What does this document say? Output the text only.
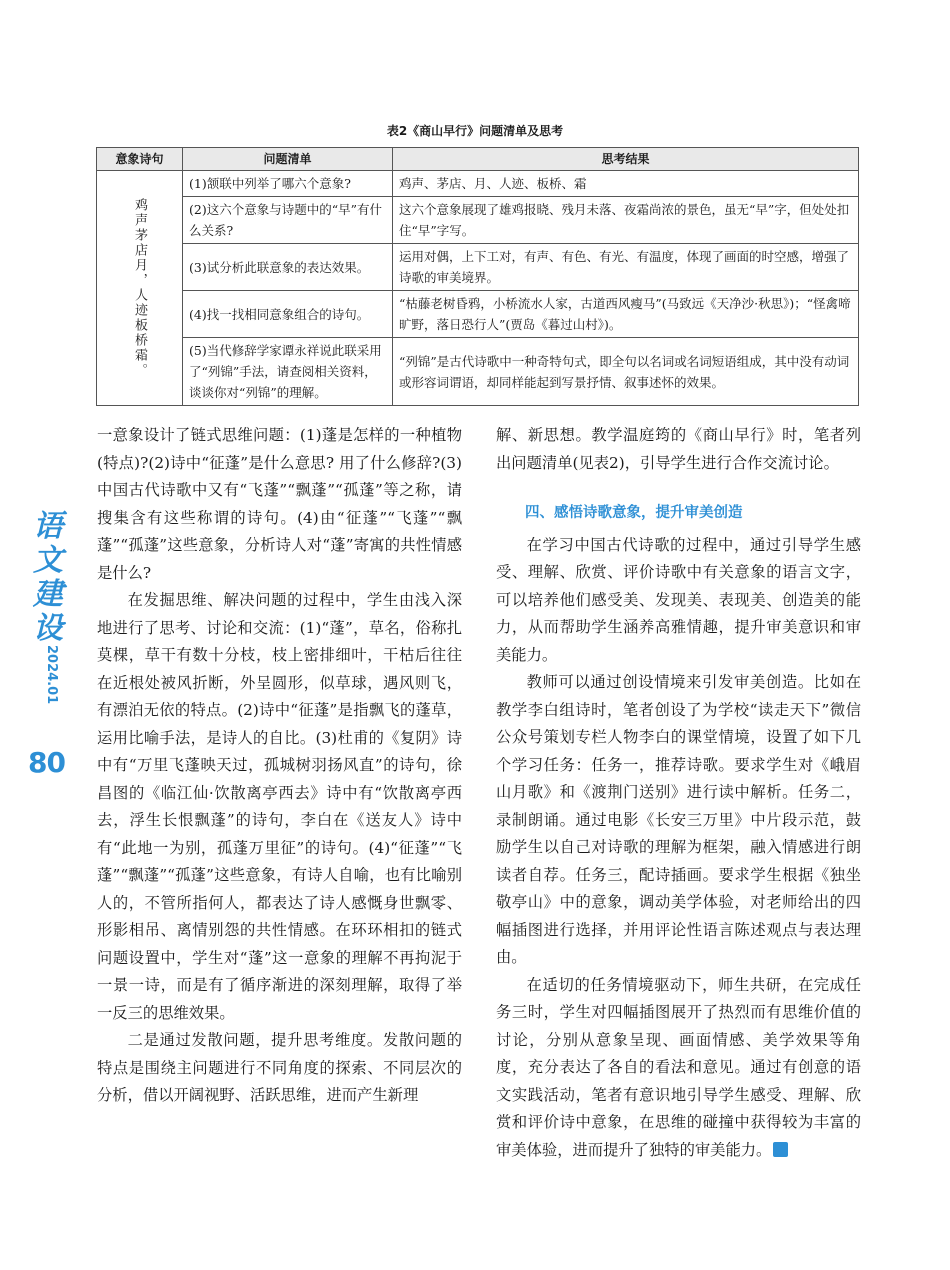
表2《商山早行》问题清单及思考
意象诗句	问题清单	思考结果
鸡声茅店月，人迹板桥霜。	(1)颔联中列举了哪六个意象?	鸡声、茅店、月、人迹、板桥、霜
	(2)这六个意象与诗题中的“早”有什么关系?	这六个意象展现了雄鸡报晓、残月未落、夜霜尚浓的景色，虽无“早”字，但处处扣住“早”字写。
	(3)试分析此联意象的表达效果。	运用对偶，上下工对，有声、有色、有光、有温度，体现了画面的时空感，增强了诗歌的审美境界。
	(4)找一找相同意象组合的诗句。	“枯藤老树昏鸦，小桥流水人家，古道西风瘦马”(马致远《天净沙·秋思》)；“怪禽啼旷野，落日恐行人”(贾岛《暮过山村》)。
	(5)当代修辞学家谭永祥说此联采用了“列锦”手法，请查阅相关资料，谈谈你对“列锦”的理解。	“列锦”是古代诗歌中一种奇特句式，即全句以名词或名词短语组成，其中没有动词或形容词谓语，却同样能起到写景抒情、叙事述怀的效果。
语文建设
2024.01
80

一意象设计了链式思维问题：(1)蓬是怎样的一种植物(特点)?(2)诗中“征蓬”是什么意思? 用了什么修辞?(3)中国古代诗歌中又有“飞蓬”“飘蓬”“孤蓬”等之称，请搜集含有这些称谓的诗句。(4)由“征蓬”“飞蓬”“飘蓬”“孤蓬”这些意象，分析诗人对“蓬”寄寓的共性情感是什么?

在发掘思维、解决问题的过程中，学生由浅入深地进行了思考、讨论和交流：(1)“蓬”，草名，俗称扎莫棵，草干有数十分枝，枝上密排细叶，干枯后往往在近根处被风折断，外呈圆形，似草球，遇风则飞，有漂泊无依的特点。(2)诗中“征蓬”是指飘飞的蓬草，运用比喻手法，是诗人的自比。(3)杜甫的《复阴》诗中有“万里飞蓬映天过，孤城树羽扬风直”的诗句，徐昌图的《临江仙·饮散离亭西去》诗中有“饮散离亭西去，浮生长恨飘蓬”的诗句，李白在《送友人》诗中有“此地一为别，孤蓬万里征”的诗句。(4)“征蓬”“飞蓬”“飘蓬”“孤蓬”这些意象，有诗人自喻，也有比喻别人的，不管所指何人，都表达了诗人感慨身世飘零、形影相吊、离情别怨的共性情感。在环环相扣的链式问题设置中，学生对“蓬”这一意象的理解不再拘泥于一景一诗，而是有了循序渐进的深刻理解，取得了举一反三的思维效果。

二是通过发散问题，提升思考维度。发散问题的特点是围绕主问题进行不同角度的探索、不同层次的分析，借以开阔视野、活跃思维，进而产生新理

解、新思想。教学温庭筠的《商山早行》时，笔者列出问题清单(见表2)，引导学生进行合作交流讨论。

四、感悟诗歌意象，提升审美创造

在学习中国古代诗歌的过程中，通过引导学生感受、理解、欣赏、评价诗歌中有关意象的语言文字，可以培养他们感受美、发现美、表现美、创造美的能力，从而帮助学生涵养高雅情趣，提升审美意识和审美能力。

教师可以通过创设情境来引发审美创造。比如在教学李白组诗时，笔者创设了为学校“读走天下”微信公众号策划专栏人物李白的课堂情境，设置了如下几个学习任务：任务一，推荐诗歌。要求学生对《峨眉山月歌》和《渡荆门送别》进行读中解析。任务二，录制朗诵。通过电影《长安三万里》中片段示范，鼓励学生以自己对诗歌的理解为框架，融入情感进行朗读者自荐。任务三，配诗插画。要求学生根据《独坐敬亭山》中的意象，调动美学体验，对老师给出的四幅插图进行选择，并用评论性语言陈述观点与表达理由。

在适切的任务情境驱动下，师生共研，在完成任务三时，学生对四幅插图展开了热烈而有思维价值的讨论，分别从意象呈现、画面情感、美学效果等角度，充分表达了各自的看法和意见。通过有创意的语文实践活动，笔者有意识地引导学生感受、理解、欣赏和评价诗中意象，在思维的碰撞中获得较为丰富的审美体验，进而提升了独特的审美能力。
